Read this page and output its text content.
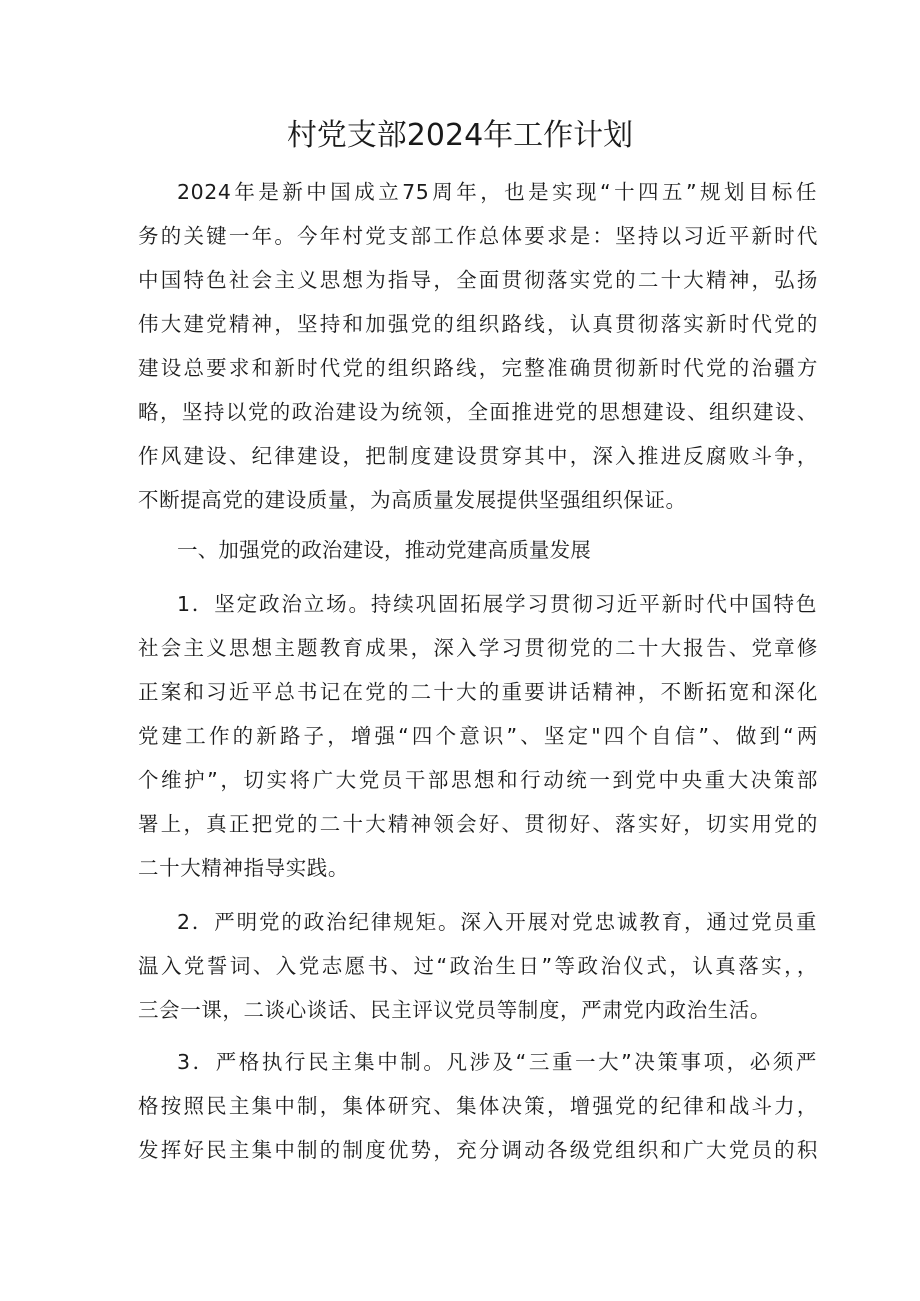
村党支部2024年工作计划

2024年是新中国成立75周年，也是实现“十四五”规划目标任

务的关键一年。今年村党支部工作总体要求是：坚持以习近平新时代

中国特色社会主义思想为指导，全面贯彻落实党的二十大精神，弘扬

伟大建党精神，坚持和加强党的组织路线，认真贯彻落实新时代党的

建设总要求和新时代党的组织路线，完整准确贯彻新时代党的治疆方

略，坚持以党的政治建设为统领，全面推进党的思想建设、组织建设、

作风建设、纪律建设，把制度建设贯穿其中，深入推进反腐败斗争，

不断提高党的建设质量，为高质量发展提供坚强组织保证。

一、加强党的政治建设，推动党建高质量发展

1．坚定政治立场。持续巩固拓展学习贯彻习近平新时代中国特色

社会主义思想主题教育成果，深入学习贯彻党的二十大报告、党章修

正案和习近平总书记在党的二十大的重要讲话精神，不断拓宽和深化

党建工作的新路子，增强“四个意识”、坚定"四个自信”、做到“两

个维护”，切实将广大党员干部思想和行动统一到党中央重大决策部

署上，真正把党的二十大精神领会好、贯彻好、落实好，切实用党的

二十大精神指导实践。

2．严明党的政治纪律规矩。深入开展对党忠诚教育，通过党员重

温入党誓词、入党志愿书、过“政治生日”等政治仪式，认真落实，，

三会一课，二谈心谈话、民主评议党员等制度，严肃党内政治生活。

3．严格执行民主集中制。凡涉及“三重一大”决策事项，必须严

格按照民主集中制，集体研究、集体决策，增强党的纪律和战斗力，

发挥好民主集中制的制度优势，充分调动各级党组织和广大党员的积
